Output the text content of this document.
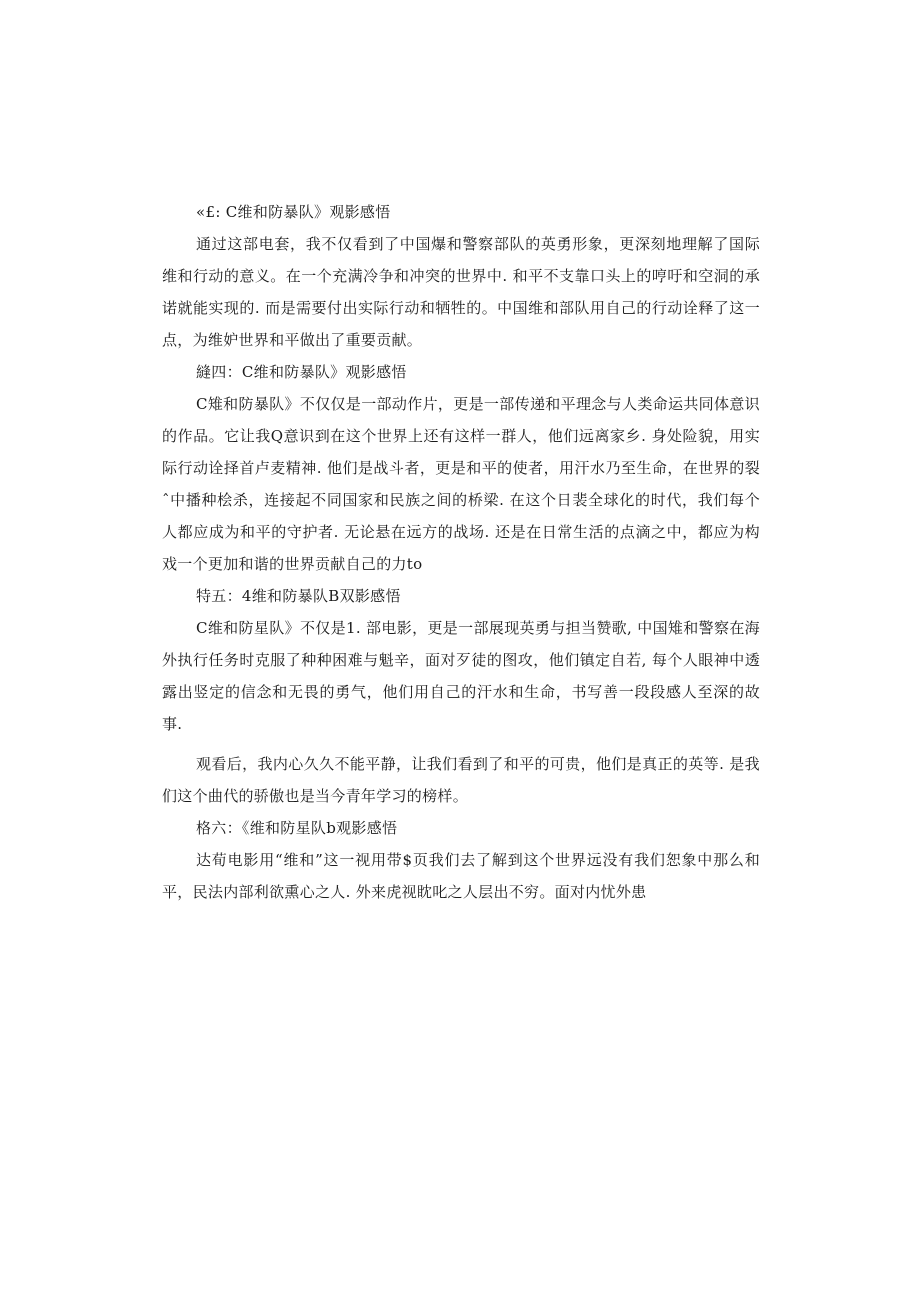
«£: C维和防暴队》观影感悟

通过这部电套，我不仅看到了中国爆和警察部队的英勇形象，更深刻地理解了国际维和行动的意义。在一个充满冷争和冲突的世界中. 和平不支靠口头上的哼吁和空洞的承诺就能实现的. 而是需要付出实际行动和牺牲的。中国维和部队用自己的行动诠释了这一点，为维妒世界和平做出了重要贡献。

縫四：C维和防暴队》观影感悟

C雉和防暴队》不仅仅是一部动作片，更是一部传递和平理念与人类命运共同体意识的作品。它让我Q意识到在这个世界上还有这样一群人，他们远离家乡. 身处险貌，用实际行动诠择首卢麦精神. 他们是战斗者，更是和平的使者，用汗水乃至生命，在世界的裂ˆ中播种桧杀，连接起不同国家和民族之间的桥梁. 在这个日裴全球化的时代，我们每个人都应成为和平的守护者. 无论悬在远方的战场. 还是在日常生活的点滴之中，都应为构戏一个更加和谐的世界贡献自己的力to

特五：4维和防暴队B双影感悟

C维和防星队》不仅是1. 部电影，更是一部展现英勇与担当赞歌, 中国雉和警察在海外执行任务时克服了种种困难与魁辛，面对歹徒的图攻，他们镇定自若, 每个人眼神中透露出竖定的信念和无畏的勇气，他们用自己的汗水和生命，书写善一段段感人至深的故事.

观看后，我内心久久不能平静，让我们看到了和平的可贵，他们是真正的英等. 是我们这个曲代的骄傲也是当今青年学习的榜样。

格六：《维和防星队b观影感悟

达荀电影用“维和”这一视用带$页我们去了解到这个世界远没有我们恕象中那么和平，民法内部利欲熏心之人. 外来虎视眈叱之人层出不穷。面对内忧外患
